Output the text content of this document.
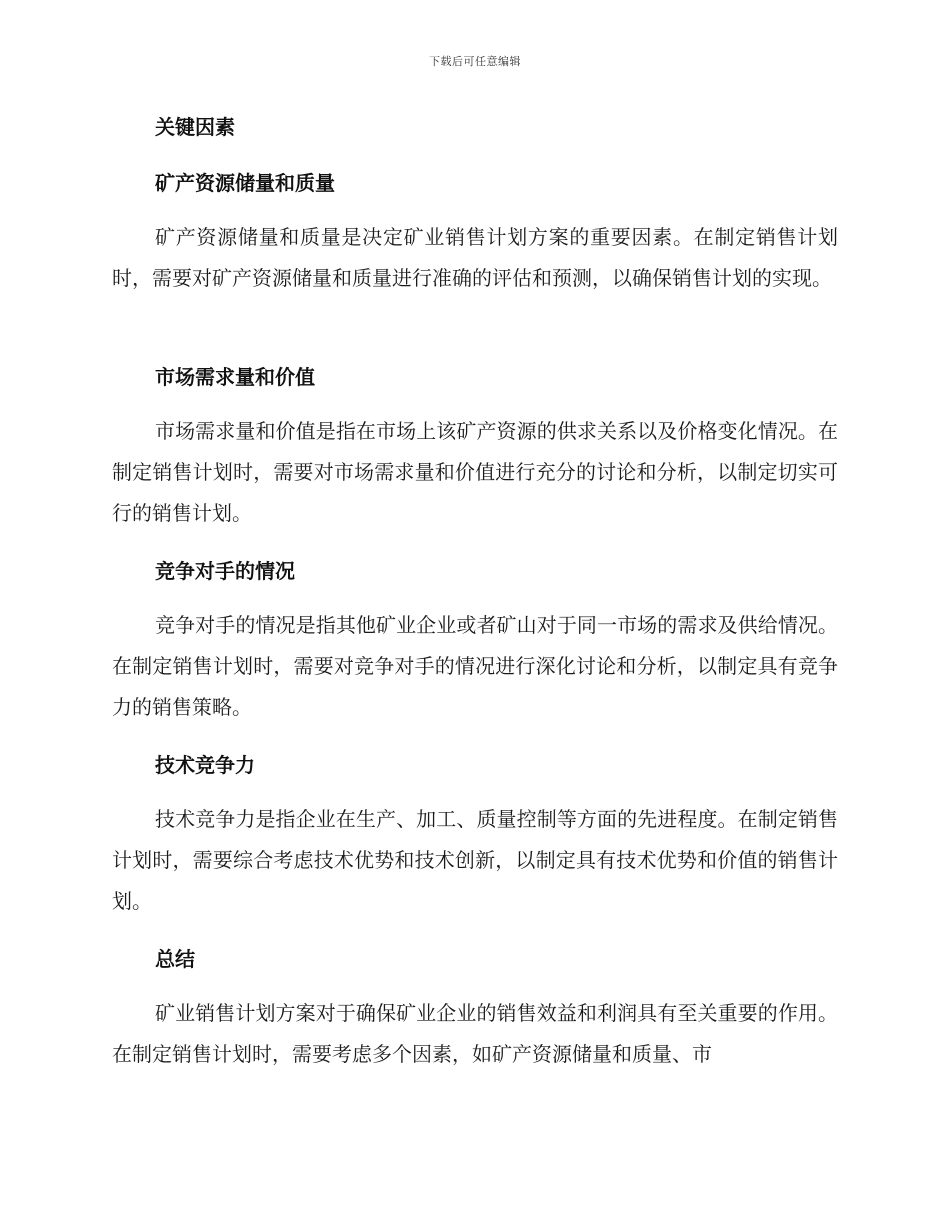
下载后可任意编辑
关键因素
矿产资源储量和质量

矿产资源储量和质量是决定矿业销售计划方案的重要因素。在制定销售计划时，需要对矿产资源储量和质量进行准确的评估和预测，以确保销售计划的实现。

市场需求量和价值

市场需求量和价值是指在市场上该矿产资源的供求关系以及价格变化情况。在制定销售计划时，需要对市场需求量和价值进行充分的讨论和分析，以制定切实可行的销售计划。

竞争对手的情况

竞争对手的情况是指其他矿业企业或者矿山对于同一市场的需求及供给情况。在制定销售计划时，需要对竞争对手的情况进行深化讨论和分析，以制定具有竞争力的销售策略。

技术竞争力

技术竞争力是指企业在生产、加工、质量控制等方面的先进程度。在制定销售计划时，需要综合考虑技术优势和技术创新，以制定具有技术优势和价值的销售计划。

总结

矿业销售计划方案对于确保矿业企业的销售效益和利润具有至关重要的作用。在制定销售计划时，需要考虑多个因素，如矿产资源储量和质量、市
